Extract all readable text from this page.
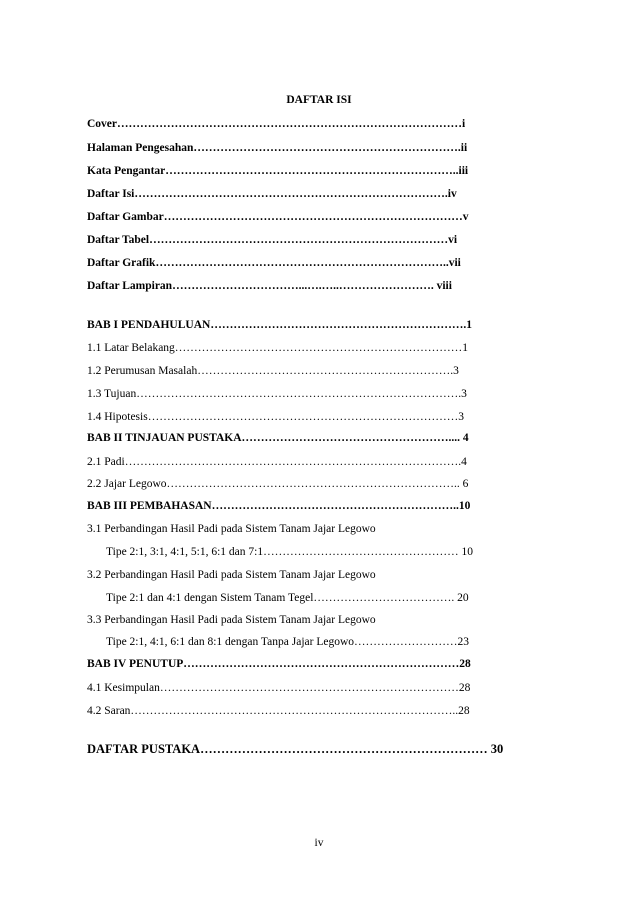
DAFTAR ISI
Cover………………………………………………………………………………i
Halaman Pengesahan…………………………………………………………….ii
Kata Pengantar…………………………………………………………………..iii
Daftar Isi……………………………………………………………………….iv
Daftar Gambar……………………………………………………………………v
Daftar Tabel……………………………………………………………………vi
Daftar Grafik…………………………………………………………………..vii
Daftar Lampiran……………………………...….…..……………………. viii
BAB I PENDAHULUAN………………………………………………………….1
1.1 Latar Belakang…………………………………………………………………1
1.2 Perumusan Masalah………………………………………………………….3
1.3 Tujuan………………………………………………………………………….3
1.4 Hipotesis………………………………………………………………………3
BAB II TINJAUAN PUSTAKA……………………………………………….... 4
2.1 Padi…………………………………………………………………………….4
2.2 Jajar Legowo………………………………………………………………….. 6
BAB III PEMBAHASAN………………………………………………………..10
3.1 Perbandingan Hasil Padi pada Sistem Tanam Jajar Legowo
Tipe 2:1, 3:1, 4:1, 5:1, 6:1 dan 7:1…………………………………………… 10
3.2 Perbandingan Hasil Padi pada Sistem Tanam Jajar Legowo
Tipe 2:1 dan 4:1 dengan Sistem Tanam Tegel………………………………. 20
3.3 Perbandingan Hasil Padi pada Sistem Tanam Jajar Legowo
Tipe 2:1, 4:1, 6:1 dan 8:1 dengan Tanpa Jajar Legowo………………………23
BAB IV PENUTUP………………………………………………………………28
4.1 Kesimpulan……………………………………………………………………28
4.2 Saran…………………………………………………………………………..28
DAFTAR PUSTAKA…………………………………………………………… 30
iv
